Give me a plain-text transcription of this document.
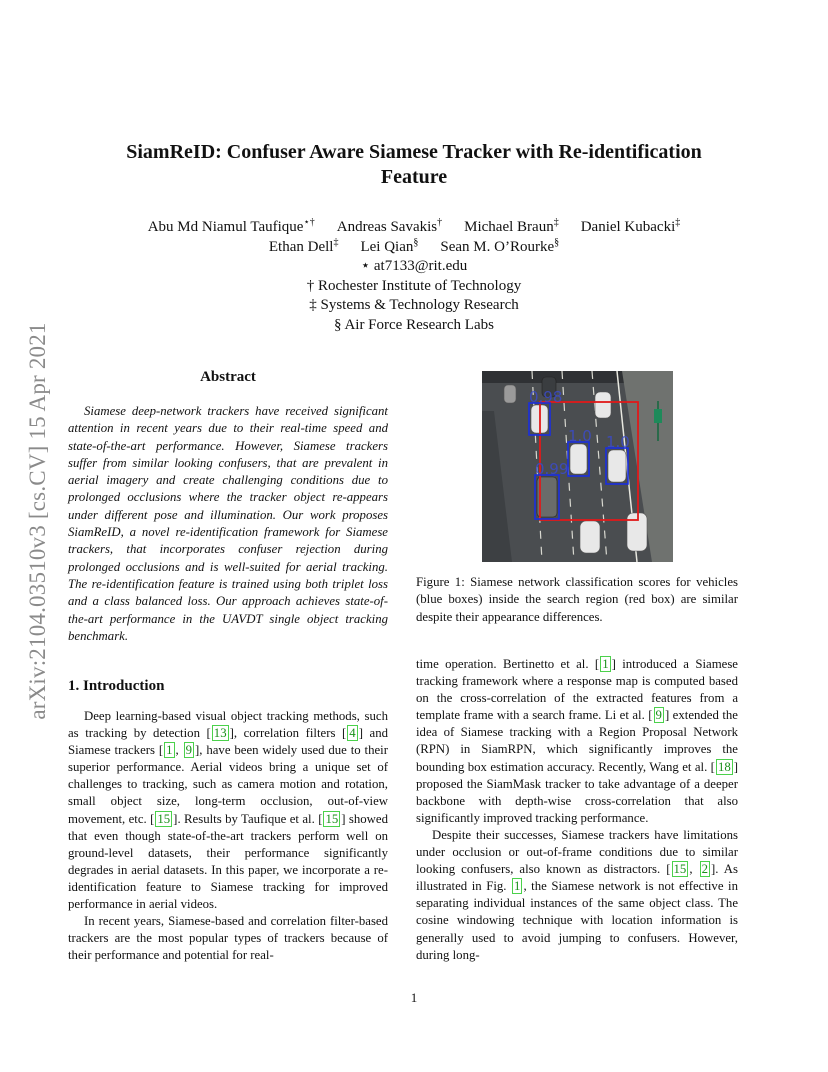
arXiv:2104.03510v3 [cs.CV] 15 Apr 2021
SiamReID: Confuser Aware Siamese Tracker with Re-identification
Feature
Abu Md Niamul Taufique⋆† Andreas Savakis† Michael Braun‡ Daniel Kubacki‡
Ethan Dell‡ Lei Qian§ Sean M. O’Rourke§
⋆ at7133@rit.edu
† Rochester Institute of Technology
‡ Systems & Technology Research
§ Air Force Research Labs
Abstract
Siamese deep-network trackers have received significant attention in recent years due to their real-time speed and state-of-the-art performance. However, Siamese trackers suffer from similar looking confusers, that are prevalent in aerial imagery and create challenging conditions due to prolonged occlusions where the tracker object re-appears under different pose and illumination. Our work proposes SiamReID, a novel re-identification framework for Siamese trackers, that incorporates confuser rejection during prolonged occlusions and is well-suited for aerial tracking. The re-identification feature is trained using both triplet loss and a class balanced loss. Our approach achieves state-of-the-art performance in the UAVDT single object tracking benchmark.
1. Introduction

Deep learning-based visual object tracking methods, such as tracking by detection [ 13 ], correlation filters [ 4 ] and Siamese trackers [ 1 , 9 ], have been widely used due to their superior performance. Aerial videos bring a unique set of challenges to tracking, such as camera motion and rotation, small object size, long-term occlusion, out-of-view movement, etc. [ 15 ]. Results by Taufique et al. [ 15 ] showed that even though state-of-the-art trackers perform well on ground-level datasets, their performance significantly degrades in aerial datasets. In this paper, we incorporate a re-identification feature to Siamese tracking for improved performance in aerial videos.

In recent years, Siamese-based and correlation filter-based trackers are the most popular types of trackers because of their performance and potential for real-

0.98
1.0 1.0
0.99
Figure 1: Siamese network classification scores for vehicles (blue boxes) inside the search region (red box) are similar despite their appearance differences.

time operation. Bertinetto et al. [ 1 ] introduced a Siamese tracking framework where a response map is computed based on the cross-correlation of the extracted features from a template frame with a search frame. Li et al. [ 9 ] extended the idea of Siamese tracking with a Region Proposal Network (RPN) in SiamRPN, which significantly improves the bounding box estimation accuracy. Recently, Wang et al. [ 18 ] proposed the SiamMask tracker to take advantage of a deeper backbone with depth-wise cross-correlation that also significantly improved tracking performance.

Despite their successes, Siamese trackers have limitations under occlusion or out-of-frame conditions due to similar looking confusers, also known as distractors. [ 15 , 2 ]. As illustrated in Fig. 1 , the Siamese network is not effective in separating individual instances of the same object class. The cosine windowing technique with location information is generally used to avoid jumping to confusers. However, during long-

1
